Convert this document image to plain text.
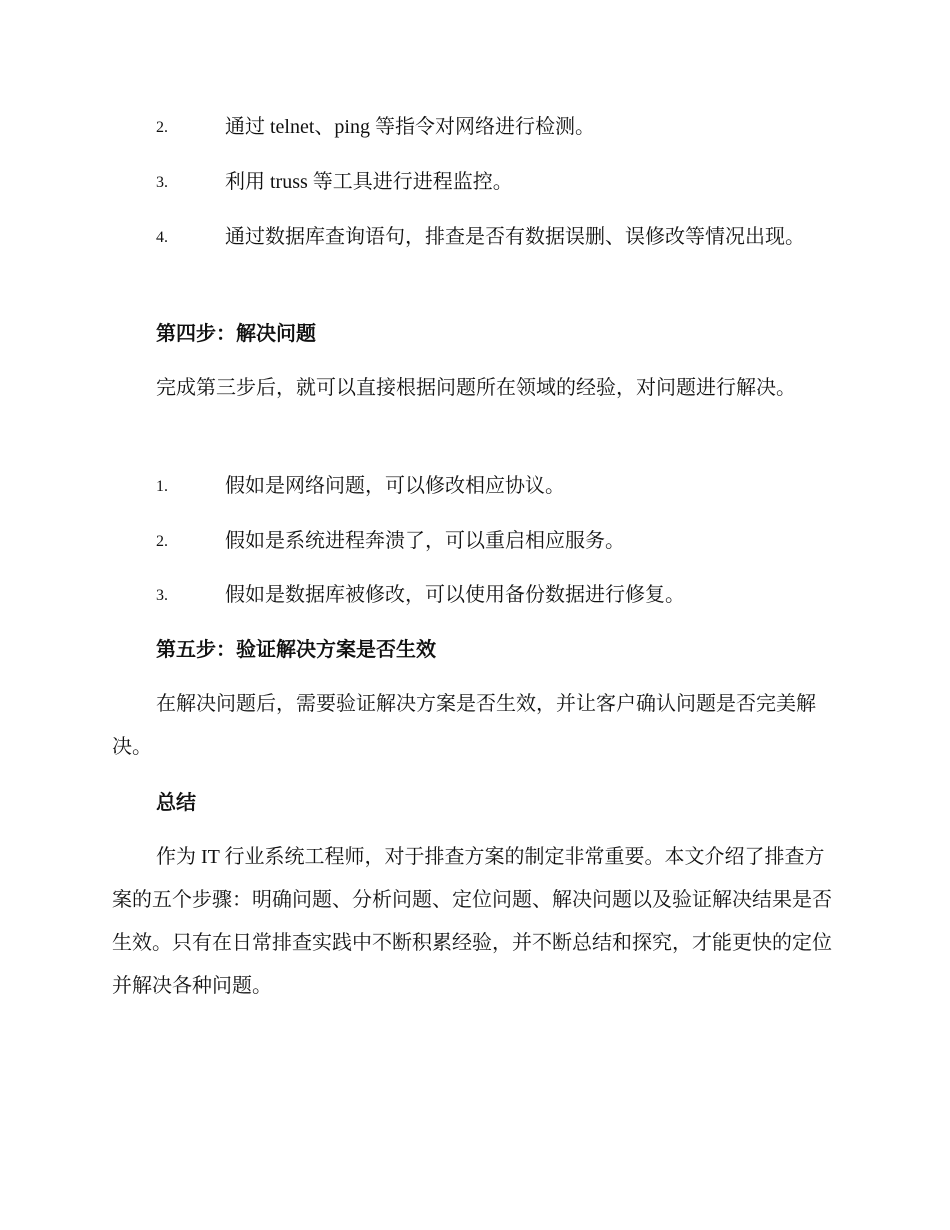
2.	通过 telnet、ping 等指令对网络进行检测。
3.	利用 truss 等工具进行进程监控。
4.	通过数据库查询语句，排查是否有数据误删、误修改等情况出现。
第四步：解决问题
完成第三步后，就可以直接根据问题所在领域的经验，对问题进行解决。
1.	假如是网络问题，可以修改相应协议。
2.	假如是系统进程奔溃了，可以重启相应服务。
3.	假如是数据库被修改，可以使用备份数据进行修复。
第五步：验证解决方案是否生效
在解决问题后，需要验证解决方案是否生效，并让客户确认问题是否完美解决。
总结
作为 IT 行业系统工程师，对于排查方案的制定非常重要。本文介绍了排查方案的五个步骤：明确问题、分析问题、定位问题、解决问题以及验证解决结果是否生效。只有在日常排查实践中不断积累经验，并不断总结和探究，才能更快的定位并解决各种问题。
